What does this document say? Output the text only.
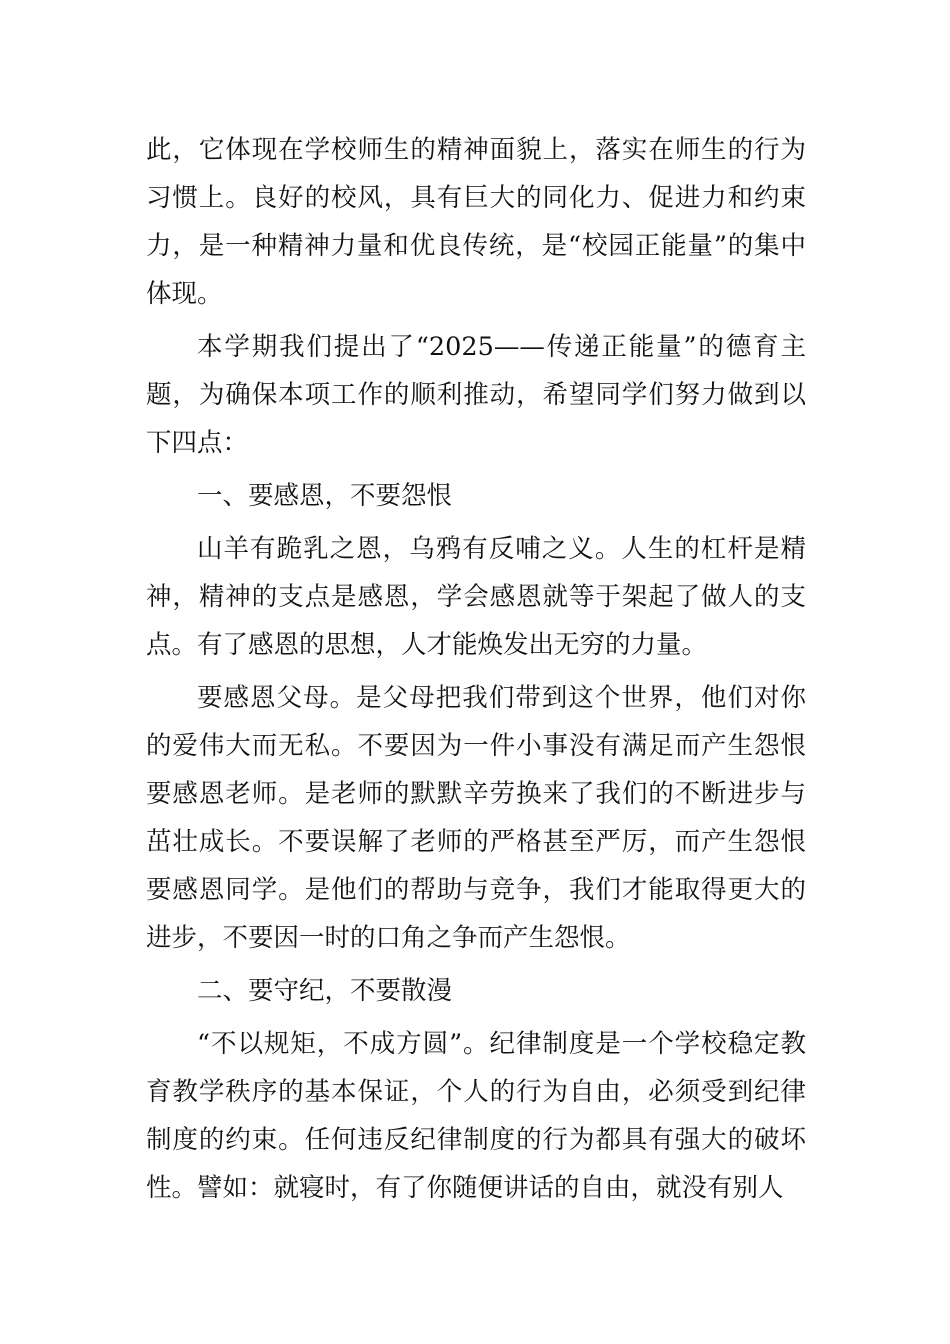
此，它体现在学校师生的精神面貌上，落实在师生的行为习惯上。良好的校风，具有巨大的同化力、促进力和约束力，是一种精神力量和优良传统，是“校园正能量”的集中体现。

本学期我们提出了“2025——传递正能量”的德育主题，为确保本项工作的顺利推动，希望同学们努力做到以下四点：

一、要感恩，不要怨恨

山羊有跪乳之恩，乌鸦有反哺之义。人生的杠杆是精神，精神的支点是感恩，学会感恩就等于架起了做人的支点。有了感恩的思想，人才能焕发出无穷的力量。

要感恩父母。是父母把我们带到这个世界，他们对你的爱伟大而无私。不要因为一件小事没有满足而产生怨恨要感恩老师。是老师的默默辛劳换来了我们的不断进步与茁壮成长。不要误解了老师的严格甚至严厉，而产生怨恨要感恩同学。是他们的帮助与竞争，我们才能取得更大的进步，不要因一时的口角之争而产生怨恨。

二、要守纪，不要散漫

“不以规矩，不成方圆”。纪律制度是一个学校稳定教育教学秩序的基本保证，个人的行为自由，必须受到纪律制度的约束。任何违反纪律制度的行为都具有强大的破坏性。譬如：就寝时，有了你随便讲话的自由，就没有别人
